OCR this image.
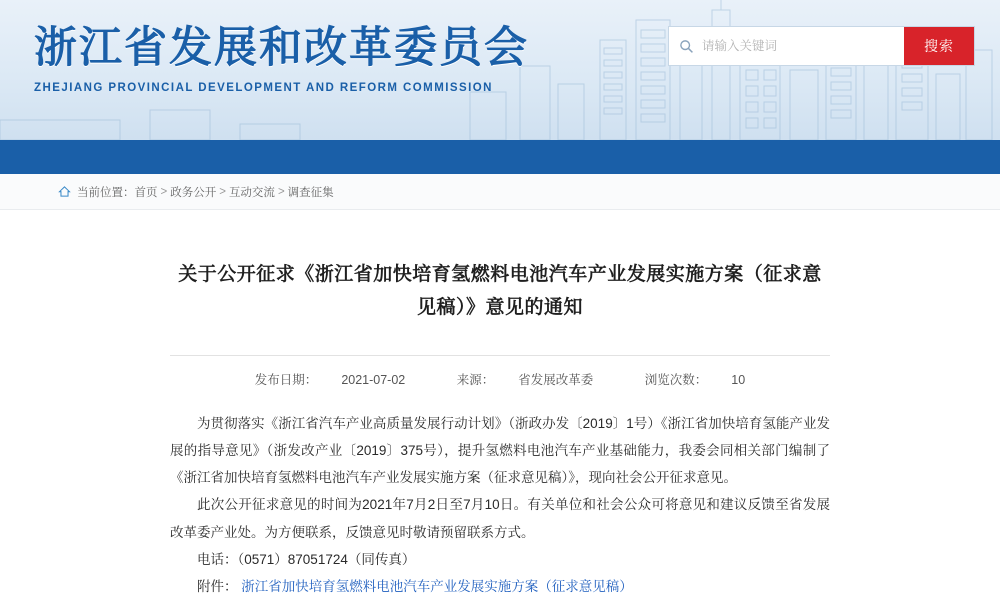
浙江省发展和改革委员会
ZHEJIANG PROVINCIAL DEVELOPMENT AND REFORM COMMISSION
请输入关键词
搜索
当前位置： 首页 > 政务公开 > 互动交流 > 调查征集
关于公开征求《浙江省加快培育氢燃料电池汽车产业发展实施方案（征求意见稿）》意见的通知
发布日期： 2021-07-02	来源： 省发展改革委	浏览次数： 10

为贯彻落实《浙江省汽车产业高质量发展行动计划》（浙政办发〔2019〕1号）《浙江省加快培育氢能产业发展的指导意见》（浙发改产业〔2019〕375号），提升氢燃料电池汽车产业基础能力，我委会同相关部门编制了《浙江省加快培育氢燃料电池汽车产业发展实施方案（征求意见稿）》，现向社会公开征求意见。

此次公开征求意见的时间为2021年7月2日至7月10日。有关单位和社会公众可将意见和建议反馈至省发展改革委产业处。为方便联系，反馈意见时敬请预留联系方式。

电话：（0571）87051724（同传真）

附件： 浙江省加快培育氢燃料电池汽车产业发展实施方案（征求意见稿）
